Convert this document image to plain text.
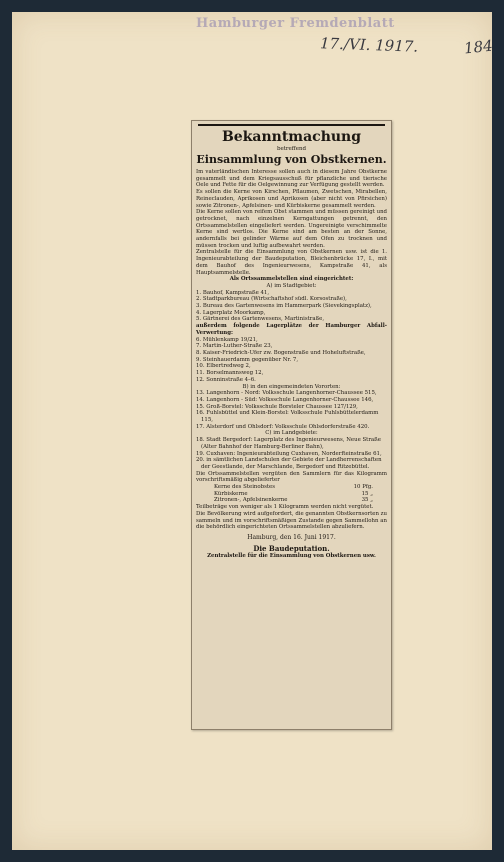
Hamburger Fremdenblatt
17./VI. 1917.	184
Bekanntmachung
betreffend
Einsammlung von Obstkernen.

Im vaterländischen Interesse sollen auch in diesem Jahre Obstkerne gesammelt und dem Kriegsausschuß für pflanzliche und tierische Oele und Fette für die Oelgewinnung zur Verfügung gestellt werden.

Es sollen die Kerne von Kirschen, Pflaumen, Zwetschen, Mirabellen, Reineclauden, Aprikosen und Aprikosen (aber nicht von Pfirsichen) sowie Zitronen-, Apfelsinen- und Kürbiskerne gesammelt werden.

Die Kerne sollen von reifem Obst stammen und müssen gereinigt und getrocknet, nach einzelnen Kerngattungen getrennt, den Ortssammelstellen eingeliefert werden. Ungereinigte verschimmelte Kerne sind wertlos. Die Kerne sind am besten an der Sonne, andernfalls bei gelinder Wärme auf dem Ofen zu trocknen und müssen trocken und luftig aufbewahrt werden.

Zentralstelle für die Einsammlung von Obstkernen usw. ist die 1. Ingenieurabteilung der Baudeputation, Bleichenbrücke 17, I., mit dem Bauhof des Ingenieurwesens, Kampstraße 41, als Hauptsammelstelle.

Als Ortssammelstellen sind eingerichtet:
A) im Stadtgebiet:

1. Bauhof, Kampstraße 41,

2. Stadtparkbureau (Wirtschaftshof südl. Korsostraße),

3. Bureau des Gartenwesens im Hammerpark (Sievekingsplatz),

4. Lagerplatz Moorkamp,

5. Gärtnerei des Gartenwesens, Martinistraße,

außerdem folgende Lagerplätze der Hamburger Abfall-Verwertung:

6. Mühlenkamp 19/21,

7. Martin-Luther-Straße 23,

8. Kaiser-Friedrich-Ufer zw. Bogenstraße und Hoheluftstraße,

9. Steinhauerdamm gegenüber Nr. 7,

10. Elbertredweg 2,

11. Borselmannsweg 12,

12. Sonninstraße 4–6.

B) in den eingemeindeten Vororten:

13. Langenhorn - Nord: Volksschule Langenhorner-Chaussee 515,

14. Langenhorn - Süd: Volksschule Langenhorner-Chaussee 146,

15. Groß-Borstel: Volksschule Borsteler Chaussee 127/129,

16. Fuhlsbüttel und Klein-Borstel: Volksschule Fuhlsbüttelerdamm 115,

17. Alsterdorf und Ohlsdorf: Volksschule Ohlsdorferstraße 420.

C) im Landgebiete:

18. Stadt Bergedorf: Lagerplatz des Ingenieurwesens, Neue Straße (Alter Bahnhof der Hamburg-Berliner Bahn),

19. Cuxhaven: Ingenieurabteilung Cuxhaven, Norderfteinstraße 61,

20. in sämtlichen Landschulen der Gebiete der Landherrenschaften der Geestlande, der Marschlande, Bergedorf und Ritzebüttel.

Die Ortssammelstellen vergüten den Sammlern für das Kilogramm vorschriftsmäßig abgelieferter

Kerne des Steinobstes	10 Pfg.
Kürbiskerne	15 „
Zitronen-, Apfelsinenkerne	35 „

Teilbeträge von weniger als 1 Kilogramm werden nicht vergütet.

Die Bevölkerung wird aufgefordert, die genannten Obstkernsorten zu sammeln und im vorschriftsmäßigen Zustande gegen Sammellohn an die behördlich eingerichteten Ortssammelstellen abzuliefern.

Hamburg, den 16. Juni 1917.
Die Baudeputation.
Zentralstelle für die Einsammlung von Obstkernen usw.
